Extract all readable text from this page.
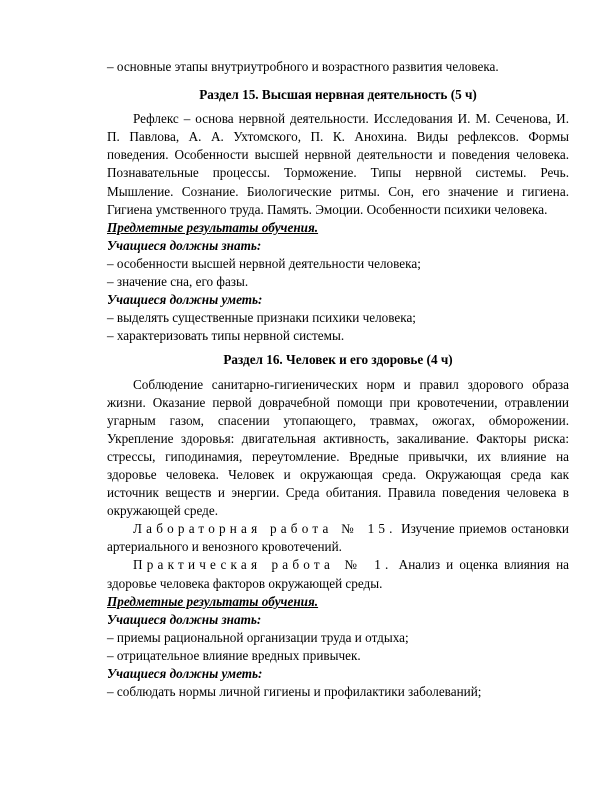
– основные этапы внутриутробного и возрастного развития человека.

Раздел 15. Высшая нервная деятельность (5 ч)

Рефлекс – основа нервной деятельности. Исследования И. М. Сеченова, И. П. Павлова, А. А. Ухтомского, П. К. Анохина. Виды рефлексов. Формы поведения. Особенности высшей нервной деятельности и поведения человека. Познавательные процессы. Торможение. Типы нервной системы. Речь. Мышление. Сознание. Биологические ритмы. Сон, его значение и гигиена. Гигиена умственного труда. Память. Эмоции. Особенности психики человека.

Предметные результаты обучения.

Учащиеся должны знать:

– особенности высшей нервной деятельности человека;

– значение сна, его фазы.

Учащиеся должны уметь:

– выделять существенные признаки психики человека;

– характеризовать типы нервной системы.

Раздел 16. Человек и его здоровье (4 ч)

Соблюдение санитарно-гигиенических норм и правил здорового образа жизни. Оказание первой доврачебной помощи при кровотечении, отравлении угарным газом, спасении утопающего, травмах, ожогах, обморожении. Укрепление здоровья: двигательная активность, закаливание. Факторы риска: стрессы, гиподинамия, переутомление. Вредные привычки, их влияние на здоровье человека. Человек и окружающая среда. Окружающая среда как источник веществ и энергии. Среда обитания. Правила поведения человека в окружающей среде.

Лабораторная работа № 15. Изучение приемов остановки артериального и венозного кровотечений.

Практическая работа № 1. Анализ и оценка влияния на здоровье человека факторов окружающей среды.

Предметные результаты обучения.

Учащиеся должны знать:

– приемы рациональной организации труда и отдыха;

– отрицательное влияние вредных привычек.

Учащиеся должны уметь:

– соблюдать нормы личной гигиены и профилактики заболеваний;
